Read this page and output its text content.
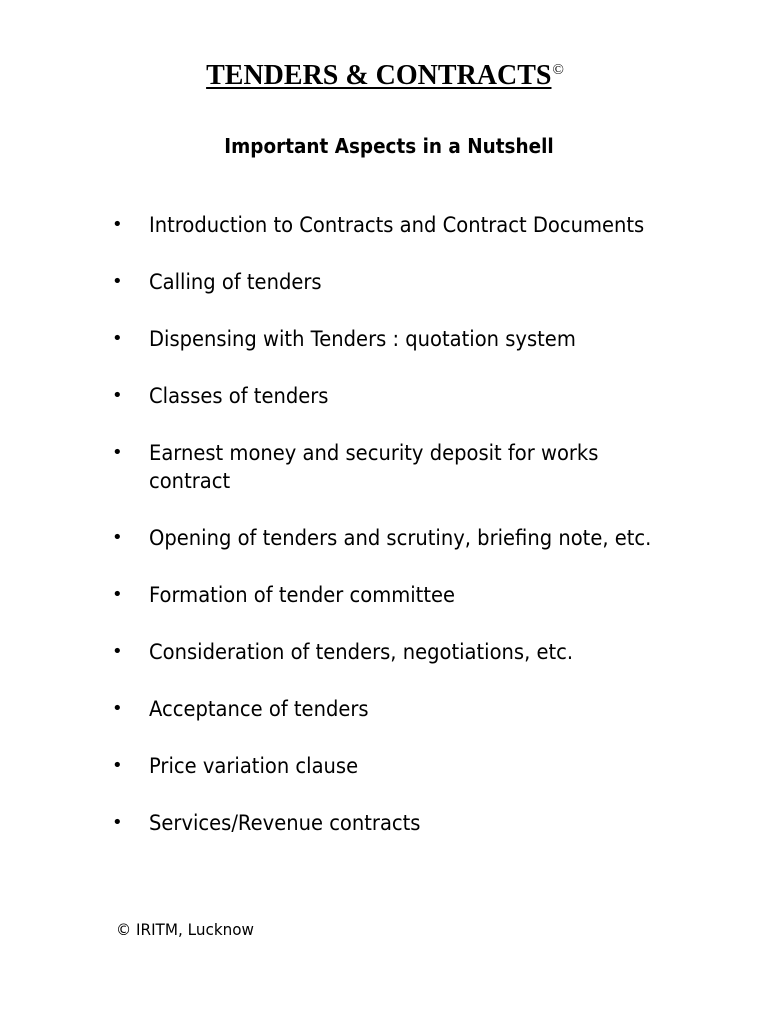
TENDERS & CONTRACTS©
Important Aspects in a Nutshell
• Introduction to Contracts and Contract Documents
• Calling of tenders
• Dispensing with Tenders : quotation system
• Classes of tenders
• Earnest money and security deposit for works
contract
• Opening of tenders and scrutiny, briefing note, etc.
• Formation of tender committee
• Consideration of tenders, negotiations, etc.
• Acceptance of tenders
• Price variation clause
• Services/Revenue contracts

© IRITM, Lucknow
